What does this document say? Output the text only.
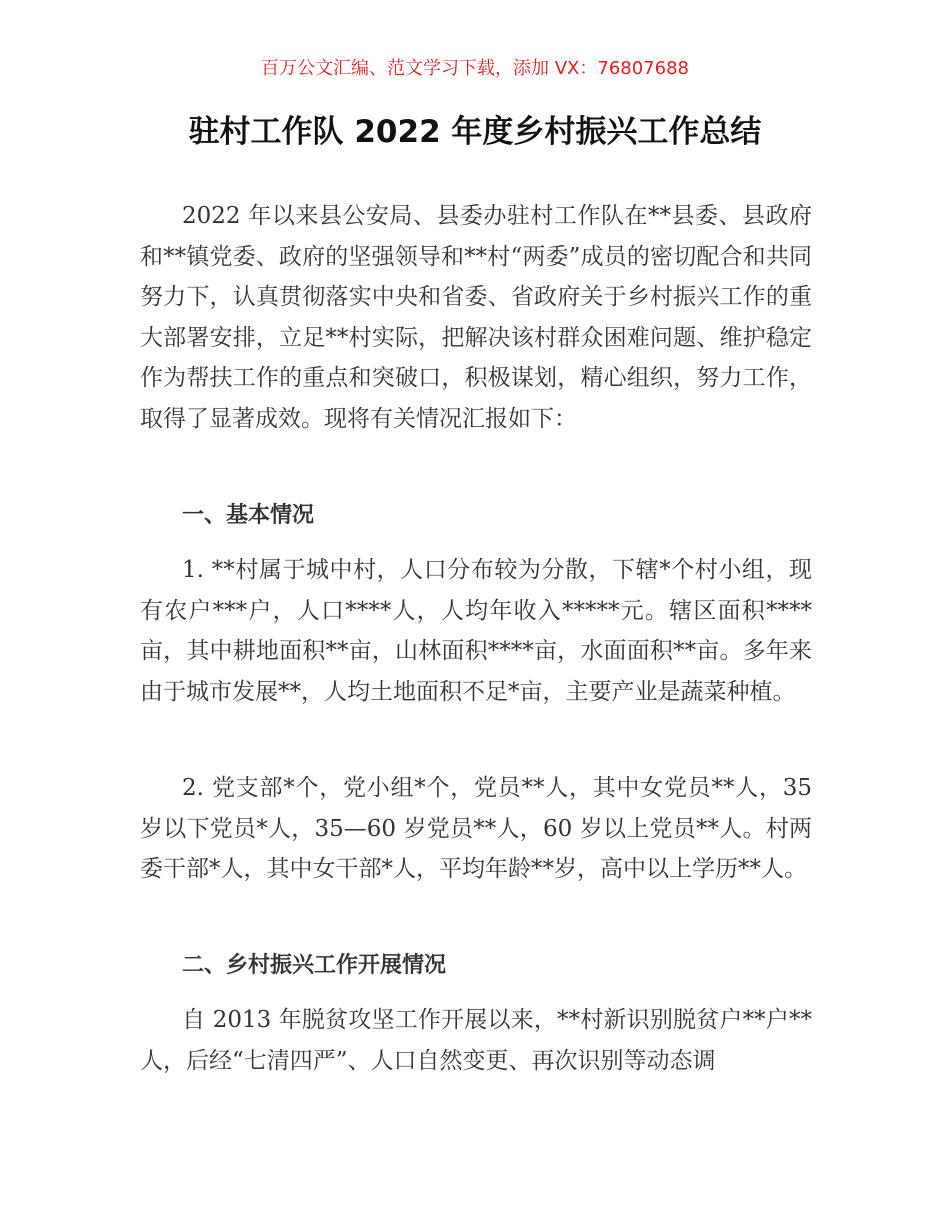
百万公文汇编、范文学习下载，添加 VX：76807688
驻村工作队 2022 年度乡村振兴工作总结

2022 年以来县公安局、县委办驻村工作队在**县委、县政府和**镇党委、政府的坚强领导和**村“两委”成员的密切配合和共同努力下，认真贯彻落实中央和省委、省政府关于乡村振兴工作的重大部署安排，立足**村实际，把解决该村群众困难问题、维护稳定作为帮扶工作的重点和突破口，积极谋划，精心组织，努力工作，取得了显著成效。现将有关情况汇报如下：

一、基本情况

1. **村属于城中村，人口分布较为分散，下辖*个村小组，现有农户***户，人口****人，人均年收入*****元。辖区面积****亩，其中耕地面积**亩，山林面积****亩，水面面积**亩。多年来由于城市发展**，人均土地面积不足*亩，主要产业是蔬菜种植。

2. 党支部*个，党小组*个，党员**人，其中女党员**人，35 岁以下党员*人，35—60 岁党员**人，60 岁以上党员**人。村两委干部*人，其中女干部*人，平均年龄**岁，高中以上学历**人。

二、乡村振兴工作开展情况

自 2013 年脱贫攻坚工作开展以来，**村新识别脱贫户**户**人，后经“七清四严”、人口自然变更、再次识别等动态调
